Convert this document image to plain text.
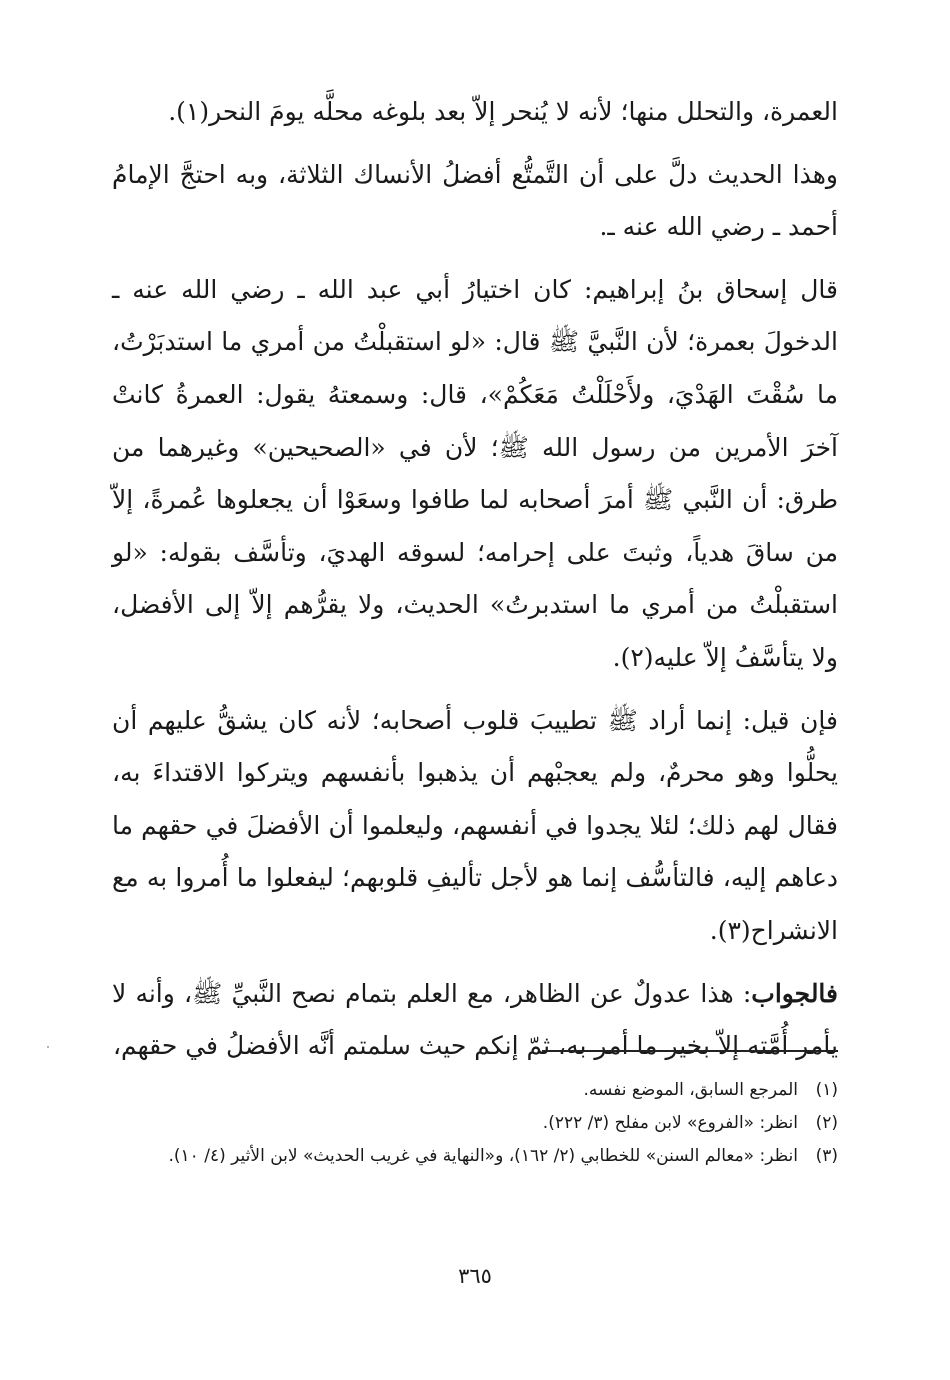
العمرة، والتحلل منها؛ لأنه لا يُنحر إلاّ بعد بلوغه محلَّه يومَ النحر(١).

وهذا الحديث دلَّ على أن التَّمتُّع أفضلُ الأنساك الثلاثة، وبه احتجَّ الإمامُ أحمد ـ رضي الله عنه ـ.

قال إسحاق بنُ إبراهيم: كان اختيارُ أبي عبد الله ـ رضي الله عنه ـ الدخولَ بعمرة؛ لأن النَّبيَّ ﷺ قال: «لو استقبلْتُ من أمري ما استدبَرْتُ، ما سُقْتَ الهَدْيَ، ولأَحْلَلْتُ مَعَكُمْ»، قال: وسمعتهُ يقول: العمرةُ كانتْ آخرَ الأمرين من رسول الله ﷺ؛ لأن في «الصحيحين» وغيرهما من طرق: أن النَّبي ﷺ أمرَ أصحابه لما طافوا وسعَوْا أن يجعلوها عُمرةً، إلاّ من ساقَ هدياً، وثبتَ على إحرامه؛ لسوقه الهديَ، وتأسَّف بقوله: «لو استقبلْتُ من أمري ما استدبرتُ» الحديث، ولا يقرُّهم إلاّ إلى الأفضل، ولا يتأسَّفُ إلاّ عليه(٢).

فإن قيل: إنما أراد ﷺ تطييبَ قلوب أصحابه؛ لأنه كان يشقُّ عليهم أن يحلُّوا وهو محرمٌ، ولم يعجبْهم أن يذهبوا بأنفسهم ويتركوا الاقتداءَ به، فقال لهم ذلك؛ لئلا يجدوا في أنفسهم، وليعلموا أن الأفضلَ في حقهم ما دعاهم إليه، فالتأسُّف إنما هو لأجل تأليفِ قلوبهم؛ ليفعلوا ما أُمروا به مع الانشراح(٣).

فالجواب: هذا عدولٌ عن الظاهر، مع العلم بتمام نصح النَّبيِّ ﷺ، وأنه لا يأمر أُمَّته إلاّ بخير ما أمر به، ثمّ إنكم حيث سلمتم أنَّه الأفضلُ في حقهم،

(١)
المرجع السابق، الموضع نفسه.
(٢)
انظر: «الفروع» لابن مفلح (٣/ ٢٢٢).
(٣)
انظر: «معالم السنن» للخطابي (٢/ ١٦٢)، و«النهاية في غريب الحديث» لابن الأثير (٤/ ١٠).
٣٦٥
